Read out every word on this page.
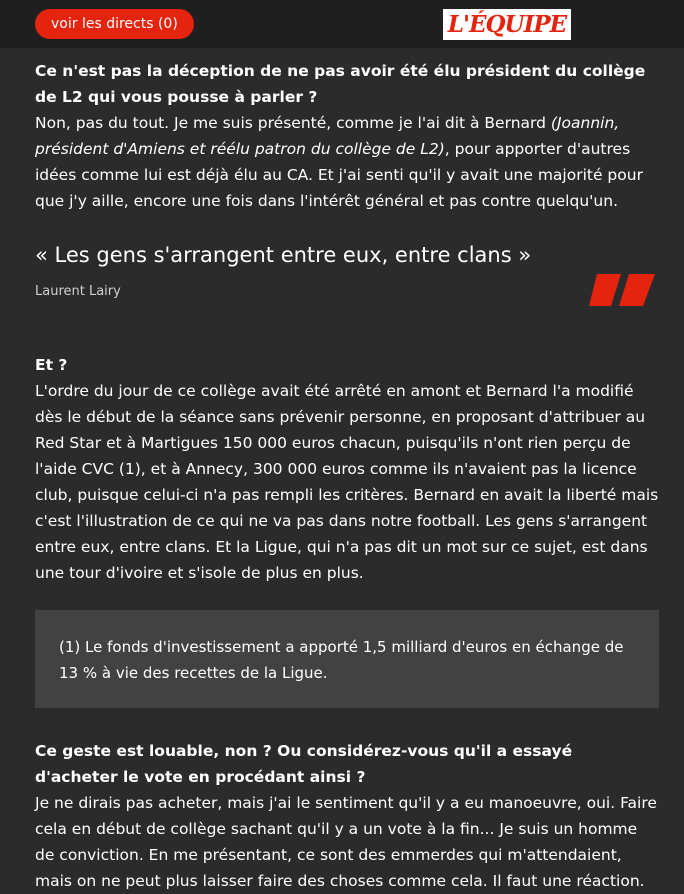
voir les directs (0)	L'ÉQUIPE

Ce n'est pas la déception de ne pas avoir été élu président du collège de L2 qui vous pousse à parler ?

Non, pas du tout. Je me suis présenté, comme je l'ai dit à Bernard (Joannin, président d'Amiens et réélu patron du collège de L2), pour apporter d'autres idées comme lui est déjà élu au CA. Et j'ai senti qu'il y avait une majorité pour que j'y aille, encore une fois dans l'intérêt général et pas contre quelqu'un.

« Les gens s'arrangent entre eux, entre clans »

Laurent Lairy

Et ?

L'ordre du jour de ce collège avait été arrêté en amont et Bernard l'a modifié dès le début de la séance sans prévenir personne, en proposant d'attribuer au Red Star et à Martigues 150 000 euros chacun, puisqu'ils n'ont rien perçu de l'aide CVC (1), et à Annecy, 300 000 euros comme ils n'avaient pas la licence club, puisque celui-ci n'a pas rempli les critères. Bernard en avait la liberté mais c'est l'illustration de ce qui ne va pas dans notre football. Les gens s'arrangent entre eux, entre clans. Et la Ligue, qui n'a pas dit un mot sur ce sujet, est dans une tour d'ivoire et s'isole de plus en plus.

(1) Le fonds d'investissement a apporté 1,5 milliard d'euros en échange de 13 % à vie des recettes de la Ligue.

Ce geste est louable, non ? Ou considérez-vous qu'il a essayé d'acheter le vote en procédant ainsi ?

Je ne dirais pas acheter, mais j'ai le sentiment qu'il y a eu manoeuvre, oui. Faire cela en début de collège sachant qu'il y a un vote à la fin... Je suis un homme de conviction. En me présentant, ce sont des emmerdes qui m'attendaient, mais on ne peut plus laisser faire des choses comme cela. Il faut une réaction.
